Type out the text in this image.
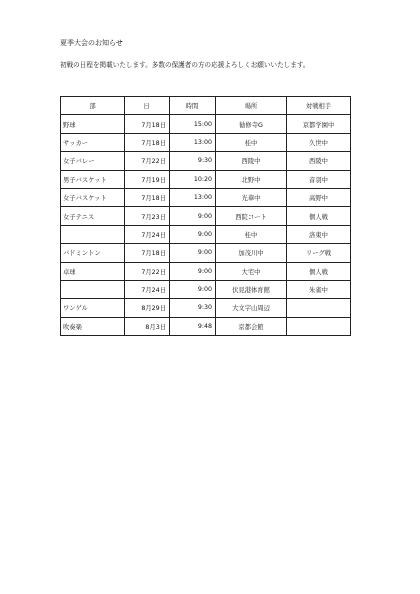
夏季大会のお知らせ
初戦の日程を掲載いたします。多数の保護者の方の応援よろしくお願いいたします。
部	日	時間	場所	対戦相手
野球	7月18日	15:00	勧修寺G	京都学園中
サッカー	7月18日	13:00	桂中	久世中
女子バレー	7月22日	9:30	西陵中	西陵中
男子バスケット	7月19日	10:20	北野中	音羽中
女子バスケット	7月18日	13:00	光華中	高野中
女子テニス	7月23日	9:00	西院コート	個人戦
	7月24日	9:00	桂中	洛東中
バドミントン	7月18日	9:00	加茂川中	リーグ戦
卓球	7月22日	9:00	大宅中	個人戦
	7月24日	9:00	伏見港体育館	朱雀中
ワンゲル	8月29日	9:30	大文字山周辺	
吹奏楽	8月3日	9:48	京都会館	
